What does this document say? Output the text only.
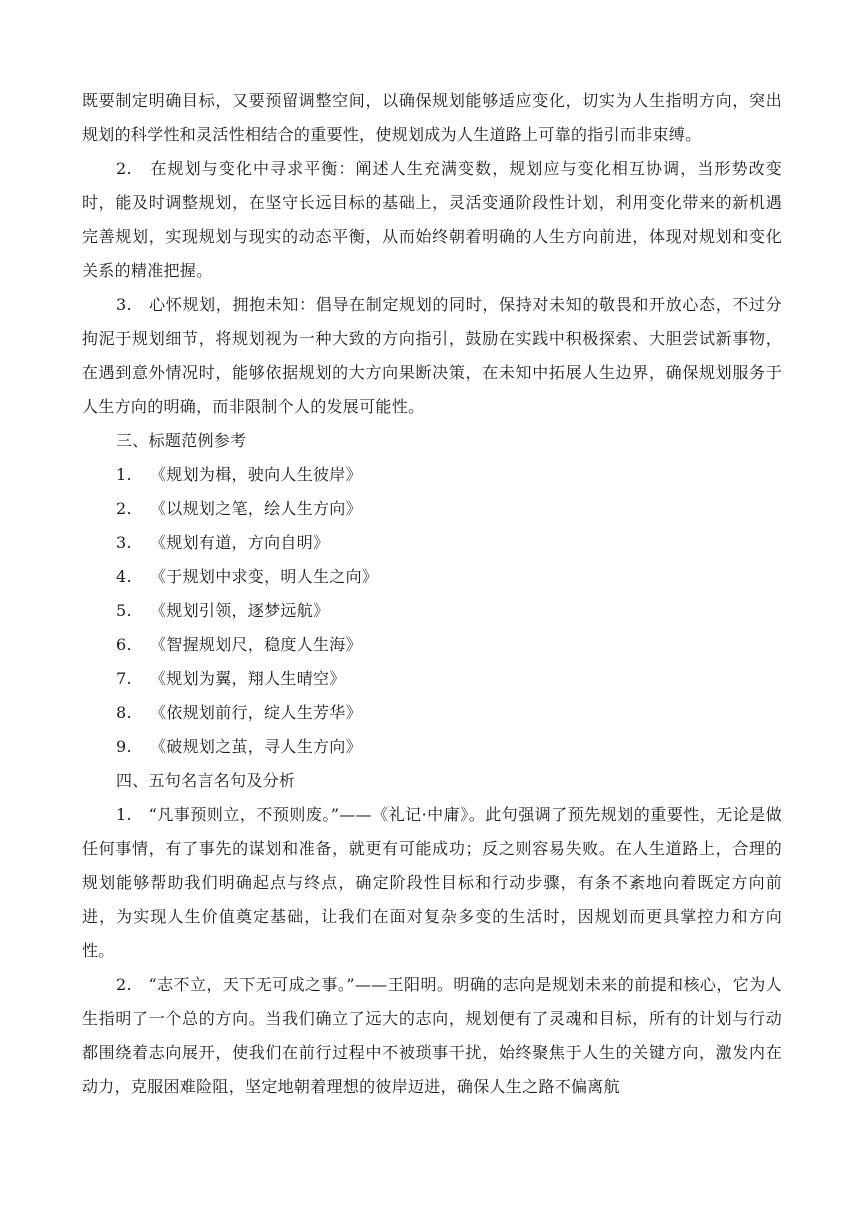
既要制定明确目标，又要预留调整空间，以确保规划能够适应变化，切实为人生指明方向，突出规划的科学性和灵活性相结合的重要性，使规划成为人生道路上可靠的指引而非束缚。

2. 在规划与变化中寻求平衡：阐述人生充满变数，规划应与变化相互协调，当形势改变时，能及时调整规划，在坚守长远目标的基础上，灵活变通阶段性计划，利用变化带来的新机遇完善规划，实现规划与现实的动态平衡，从而始终朝着明确的人生方向前进，体现对规划和变化关系的精准把握。

3. 心怀规划，拥抱未知：倡导在制定规划的同时，保持对未知的敬畏和开放心态，不过分拘泥于规划细节，将规划视为一种大致的方向指引，鼓励在实践中积极探索、大胆尝试新事物，在遇到意外情况时，能够依据规划的大方向果断决策，在未知中拓展人生边界，确保规划服务于人生方向的明确，而非限制个人的发展可能性。

三、标题范例参考

1. 《规划为楫，驶向人生彼岸》

2. 《以规划之笔，绘人生方向》

3. 《规划有道，方向自明》

4. 《于规划中求变，明人生之向》

5. 《规划引领，逐梦远航》

6. 《智握规划尺，稳度人生海》

7. 《规划为翼，翔人生晴空》

8. 《依规划前行，绽人生芳华》

9. 《破规划之茧，寻人生方向》

四、五句名言名句及分析

1. “凡事预则立，不预则废。”——《礼记·中庸》。此句强调了预先规划的重要性，无论是做任何事情，有了事先的谋划和准备，就更有可能成功；反之则容易失败。在人生道路上，合理的规划能够帮助我们明确起点与终点，确定阶段性目标和行动步骤，有条不紊地向着既定方向前进，为实现人生价值奠定基础，让我们在面对复杂多变的生活时，因规划而更具掌控力和方向性。

2. “志不立，天下无可成之事。”——王阳明。明确的志向是规划未来的前提和核心，它为人生指明了一个总的方向。当我们确立了远大的志向，规划便有了灵魂和目标，所有的计划与行动都围绕着志向展开，使我们在前行过程中不被琐事干扰，始终聚焦于人生的关键方向，激发内在动力，克服困难险阻，坚定地朝着理想的彼岸迈进，确保人生之路不偏离航
